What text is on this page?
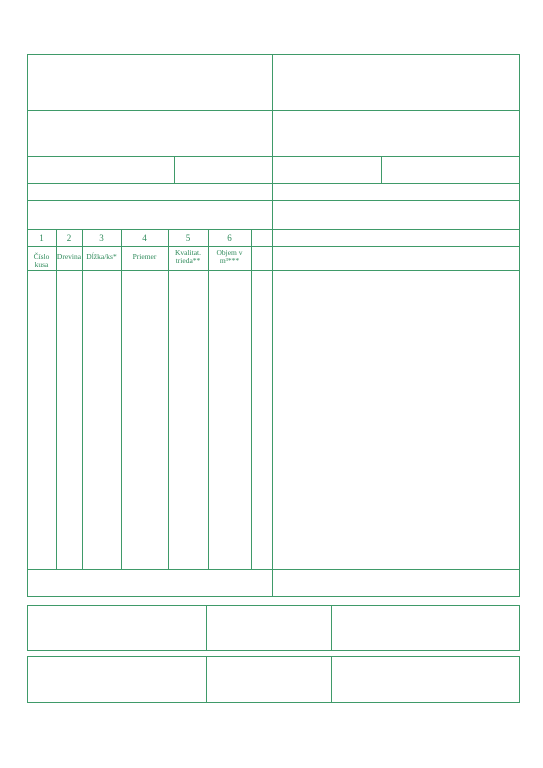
1
Číslo kusa
2
Drevina
3
Dĺžka/ks*
4
Priemer
5
Kvalitat. trieda**
6
Objem v m³***
